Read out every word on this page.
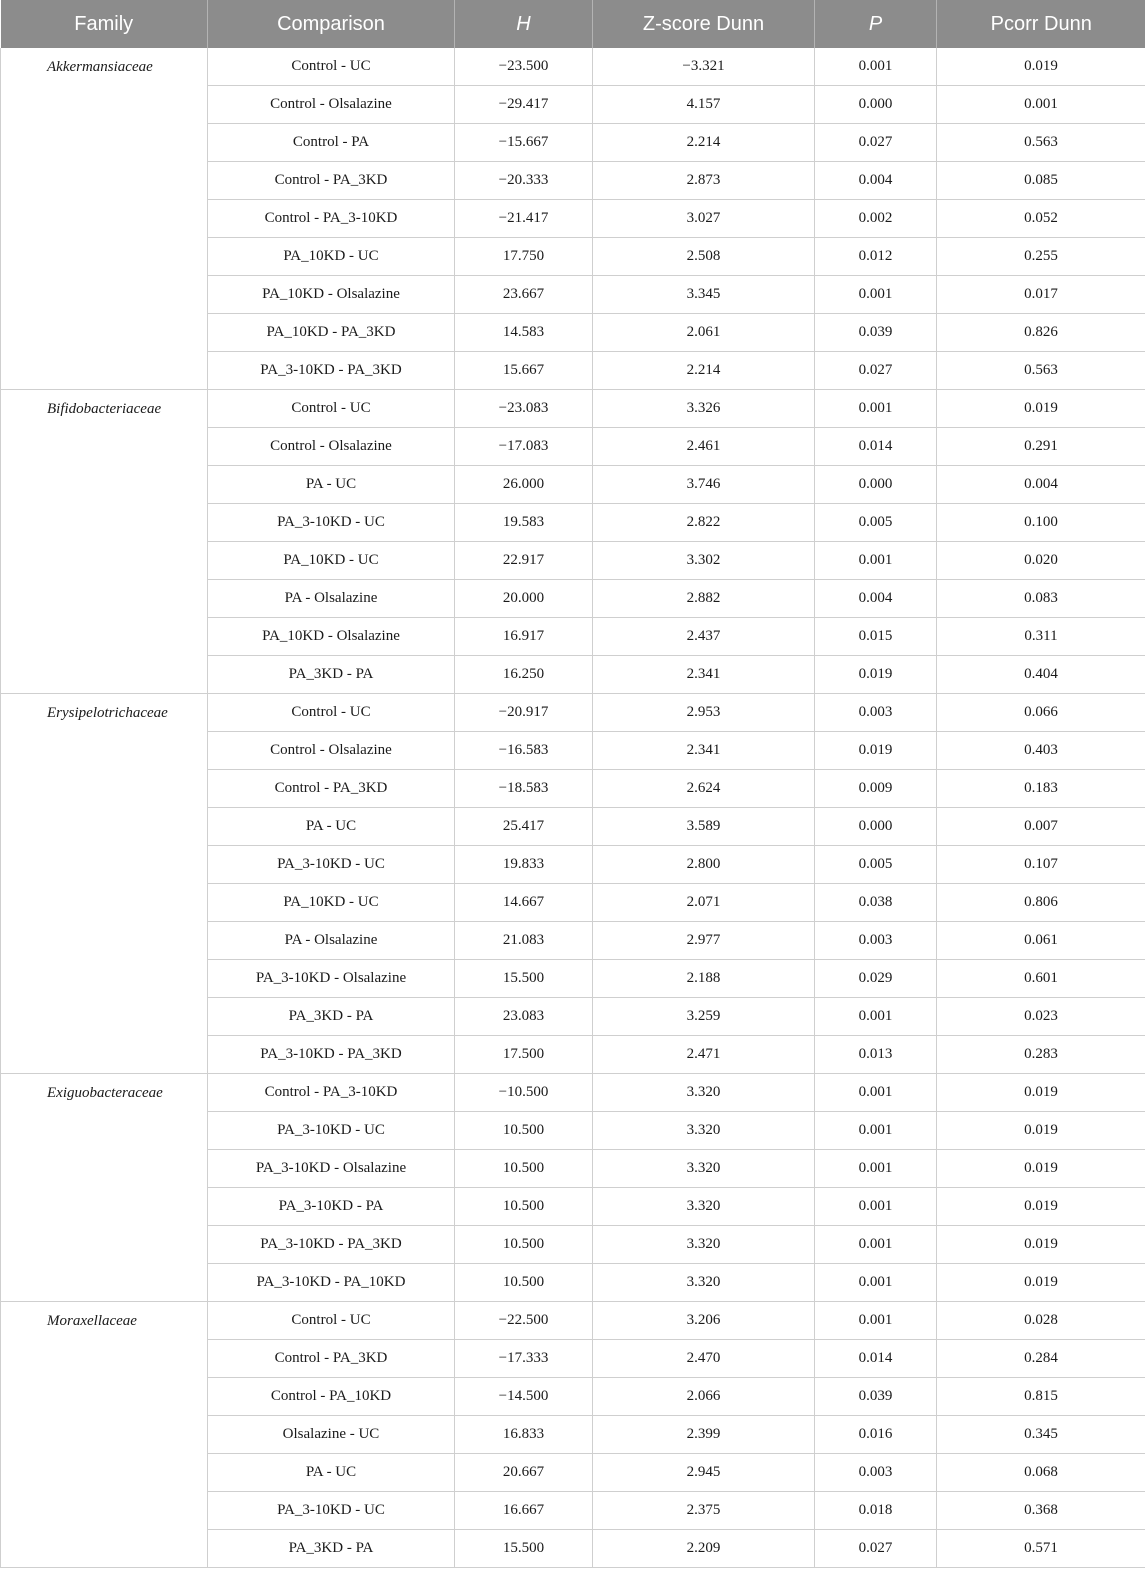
Family	Comparison	H	Z-score Dunn	P	Pcorr Dunn
Akkermansiaceae	Control - UC	−23.500	−3.321	0.001	0.019
	Control - Olsalazine	−29.417	4.157	0.000	0.001
	Control - PA	−15.667	2.214	0.027	0.563
	Control - PA_3KD	−20.333	2.873	0.004	0.085
	Control - PA_3-10KD	−21.417	3.027	0.002	0.052
	PA_10KD - UC	17.750	2.508	0.012	0.255
	PA_10KD - Olsalazine	23.667	3.345	0.001	0.017
	PA_10KD - PA_3KD	14.583	2.061	0.039	0.826
	PA_3-10KD - PA_3KD	15.667	2.214	0.027	0.563
Bifidobacteriaceae	Control - UC	−23.083	3.326	0.001	0.019
	Control - Olsalazine	−17.083	2.461	0.014	0.291
	PA - UC	26.000	3.746	0.000	0.004
	PA_3-10KD - UC	19.583	2.822	0.005	0.100
	PA_10KD - UC	22.917	3.302	0.001	0.020
	PA - Olsalazine	20.000	2.882	0.004	0.083
	PA_10KD - Olsalazine	16.917	2.437	0.015	0.311
	PA_3KD - PA	16.250	2.341	0.019	0.404
Erysipelotrichaceae	Control - UC	−20.917	2.953	0.003	0.066
	Control - Olsalazine	−16.583	2.341	0.019	0.403
	Control - PA_3KD	−18.583	2.624	0.009	0.183
	PA - UC	25.417	3.589	0.000	0.007
	PA_3-10KD - UC	19.833	2.800	0.005	0.107
	PA_10KD - UC	14.667	2.071	0.038	0.806
	PA - Olsalazine	21.083	2.977	0.003	0.061
	PA_3-10KD - Olsalazine	15.500	2.188	0.029	0.601
	PA_3KD - PA	23.083	3.259	0.001	0.023
	PA_3-10KD - PA_3KD	17.500	2.471	0.013	0.283
Exiguobacteraceae	Control - PA_3-10KD	−10.500	3.320	0.001	0.019
	PA_3-10KD - UC	10.500	3.320	0.001	0.019
	PA_3-10KD - Olsalazine	10.500	3.320	0.001	0.019
	PA_3-10KD - PA	10.500	3.320	0.001	0.019
	PA_3-10KD - PA_3KD	10.500	3.320	0.001	0.019
	PA_3-10KD - PA_10KD	10.500	3.320	0.001	0.019
Moraxellaceae	Control - UC	−22.500	3.206	0.001	0.028
	Control - PA_3KD	−17.333	2.470	0.014	0.284
	Control - PA_10KD	−14.500	2.066	0.039	0.815
	Olsalazine - UC	16.833	2.399	0.016	0.345
	PA - UC	20.667	2.945	0.003	0.068
	PA_3-10KD - UC	16.667	2.375	0.018	0.368
	PA_3KD - PA	15.500	2.209	0.027	0.571
